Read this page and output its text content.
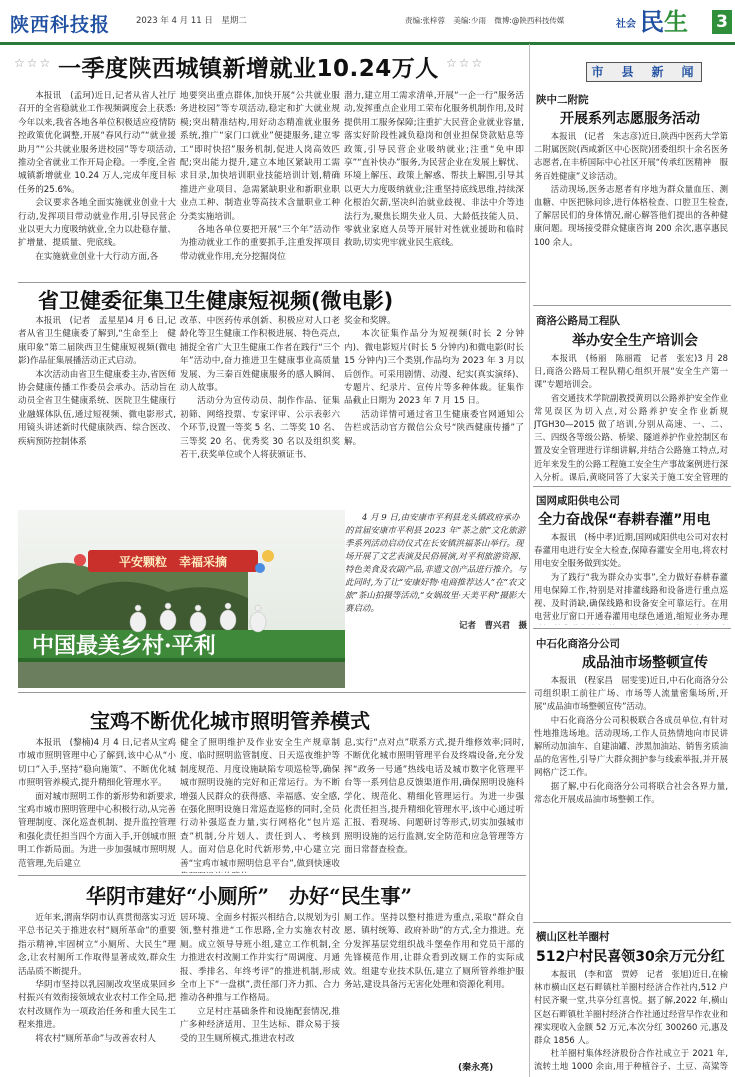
陕西科技报	2023 年 4 月 11 日　星期二	责编:张梓蓉 美编:少雨 微博:@陕西科技传媒	社会 民 生 3
☆☆☆ 一季度陕西城镇新增就业10.24万人 ☆☆☆

本报讯　(孟珂)近日,记者从省人社厅召开的全省稳就业工作视频调度会上获悉:今年以来,我省各地各单位积极适应疫情防控政策优化调整,开展“春风行动”“就业援助月”“公共就业服务进校园”等专项活动,推动全省就业工作开局企稳。一季度,全省城镇新增就业 10.24 万人,完成年度目标任务的25.6%。

会议要求各地全面实施就业创业十大行动,发挥项目带动就业作用,引导民营企业以更大力度吸纳就业,全力以赴稳存量、扩增量、提质量、兜底线。

在实施就业创业十大行动方面,各

地要突出重点群体,加快开展“公共就业服务进校园”等专项活动,稳定和扩大就业规模;突出精准结构,用好动态精准就业服务系统,推广“家门口就业”便捷服务,建立零工“即时快招”服务机制,促进人岗高效匹配;突出能力提升,建立本地区紧缺用工需求目录,加快培训职业技能培训计划,精确推进产业项目、急需紧缺职业和新职业职业点工种、制造业等高技术含量职业工种分类实施培训。

各地各单位要把开展“三个年”活动作为推动就业工作的重要抓手,注重发挥项目带动就业作用,充分挖掘岗位

潜力,建立用工需求清单,开展“一企一行”服务活动,发挥重点企业用工荣布化服务机制作用,及时提供用工服务保障;注重扩大民营企业就业容量,落实好阶段性减负稳岗和创业担保贷款贴息等政策,引导民营企业吸纳就业;注重“免申即享”“直补快办”服务,为民营企业在发展上解忧、环境上解压、政策上解惑、帮扶上解围,引导其以更大力度吸纳就业;注重坚持底线思维,持续深化根治欠薪,坚决纠治就业歧视、非法中介等违法行为,聚焦长期失业人员、大龄低技能人员、零就业家庭人员等开展针对性就业援助和临时救助,切实兜牢就业民生底线。

省卫健委征集卫生健康短视频(微电影)

本报讯　(记者　孟星星)4 月 6 日,记者从省卫生健康委了解到,“生命至上　健康印象”第二届陕西卫生健康短视频(微电影)作品征集展播活动正式启动。

本次活动由省卫生健康委主办,省医师协会健康传播工作委员会承办。活动旨在动员全省卫生健康系统、医院卫生健康行业融媒体队伍,通过短视频、微电影形式,用镜头讲述新时代健康陕西、综合医改、疾病预防控制体系

改革、中医药传承创新、积极应对人口老龄化等卫生健康工作积极进展、特色亮点,捕捉全省广大卫生健康工作者在践行“三个年”活动中,奋力推进卫生健康事业高质量发展、为三秦百姓健康服务的感人瞬间、动人故事。

活动分为宣传动员、制作作品、征集初筛、网络投票、专家评审、公示表彰六个环节,设置一等奖 5 名、二等奖 10 名、三等奖 20 名、优秀奖 30 名以及组织奖若干,获奖单位或个人将获颁证书、

奖金和奖牌。

本次征集作品分为短视频(时长 2 分钟内)、微电影短片(时长 5 分钟内)和微电影(时长 15 分钟内)三个类别,作品均为 2023 年 3 月以后创作。可采用剧情、动漫、纪实(真实演绎)、专题片、纪录片、宣传片等多种体裁。征集作品截止日期为 2023 年 7 月 15 日。

活动详情可通过省卫生健康委官网通知公告栏或活动官方微信公众号“陕西健康传播”了解。

平安颗粒　幸福采摘
中国最美乡村·平利

4 月 9 日,由安康市平利县龙头镇政府承办的首届安康市平利县 2023 年“茶之旅”文化旅游季系列活动启动仪式在长安镇洪福茶山举行。现场开展了文艺表演及民俗展演,对平利旅游资源、特色美食及农副产品,非遗文创产品进行推介。与此同时,为了让“安康好物·电商推荐达人”在“农文旅”茶山拍摄等活动,“女娲故里·天美平利”摄影大赛启动。

记者　曹兴君　摄
宝鸡不断优化城市照明管养模式

本报讯　(黎楠)4 月 4 日,记者从宝鸡市城市照明管理中心了解到,该中心从“小切口”入手,坚持“稳向施策”、不断优化城市照明管养模式,提升精细化管理水平。

面对城市照明工作的新形势和新要求,宝鸡市城市照明管理中心积极行动,从完善管理制度、深化巡查机制、提升监控管理和强化责任担当四个方面入手,开创城市照明工作新局面。为进一步加强城市照明规范管理,先后建立

健全了照明维护及作业安全生产规章制度、临时照明监管制度、日天巡夜维护等制度规范、月度设施缺陷专项巡检等,确保城市照明设施的完好和正常运行。为不断增强人民群众的获得感、幸福感、安全感,在强化照明设施日常巡查巡修的同时,全员行动补强巡查力量,实行网格化“包片巡查”机制,分片划人、责任到人、考核到人。面对信息化时代新形势,中心建立完善“宝鸡市城市照明信息平台”,做到快速收

息,实行“点对点”联系方式,提升维修效率;同时,不断优化城市照明管理平台及终端设备,充分发挥“政务一号通”热线电话及城市数字化管理平台等一系列信息反馈渠道作用,确保照明设施科学化、规范化、精细化管理运行。为进一步强化责任担当,提升精细化管理水平,该中心通过听汇报、看现场、问题研讨等形式,切实加强城市照明设施的运行监测,安全防范和应急管理等方面日常督查检查。

华阴市建好“小厕所”　办好“民生事”

近年来,渭南华阴市认真贯彻落实习近平总书记关于推进农村“厕所革命”的重要指示精神,牢固树立“小厕所、大民生”理念,让农村厕所工作取得显著成效,群众生活品质不断提升。

华阴市坚持以乳园厕改攻坚成果回乡村振兴有效衔接领域农业农村工作全局,把农村改厕作为一项政治任务和重大民生工程来推进。

将农村“厕所革命”与改善农村人

居环境、全面乡村振兴相结合,以规划为引领,整村推进“工作思路,全力实施农村改厕。成立领导导班小组,建立工作机制,全力推进农村改厕工作并实行“周调度、月通报、季排名、年终考评”的推进机制,形成全市上下“一盘棋”,责任部门齐力抓、合力推动各种推与工作格局。

立足村庄基础条件和设施配套情况,推广多种经济适用、卫生达标、群众易于接受的卫生厕所模式,推进农村改

厕工作。坚持以整村推进为重点,采取“群众自愿、镇村统筹、政府补助”的方式,全力推进。充分发挥基层党组织战斗堡垒作用和党员干部的先锋模范作用,让群众看到改厕工作的实际成效。组建专业技术队伍,建立了厕所管养维护服务站,建设具备污无害化处理和资源化利用。

(秦永亮)
市　县　新　闻
陕中二附院
开展系列志愿服务活动

本报讯　(记者　朱志彦)近日,陕西中医药大学第二附属医院(西咸新区中心医院)团委组织十余名医务志愿者,在丰桥国际中心社区开展“传承红医精神　服务百姓健康”义诊活动。

活动现场,医务志愿者有序地为群众量血压、测血糖、中医把脉问诊,进行体格检查、口腔卫生检查,了解居民们的身体情况,耐心解答他们提出的各种健康问题。现场接受群众健康咨询 200 余次,惠享惠民 100 余人。

商洛公路局工程队
举办安全生产培训会

本报讯　(杨丽　陈丽霞　记者　张宏)3 月 28 日,商洛公路局工程队精心组织开展“安全生产第一课”专题培训会。

省交通技术学院副教授黄玥以公路养护安全作业常见误区为切入点,对公路养护安全作业新规 JTGH30—2015 做了培训,分别从高速、一、二、三、四级各等级公路、桥梁、隧道养护作业控制区布置及安全管理进行详细讲解,并结合公路施工特点,对近年来发生的公路工程施工安全生产事故案例进行深入分析。课后,黄晓同答了大家关于施工安全管理的

国网咸阳供电公司
全力奋战保“春耕春灌”用电

本报讯　(杨中孝)近期,国网咸阳供电公司对农村春灌用电进行安全大检查,保障春灌安全用电,将农村用电安全服务做到实处。

为了践行“我为群众办实事”,全力做好春耕春灌用电保障工作,特别是对排灌线路和设备进行重点巡视、及时消缺,确保线路和设备安全可靠运行。在用电营业厅窗口开通春灌用电绿色通道,缩短业务办理

中石化商洛分公司
成品油市场整顿宣传

本报讯　(程家昌　屈雯雯)近日,中石化商洛分公司组织职工前往广场、市场等人流量密集场所,开展“成品油市场整顿宣传”活动。

中石化商洛分公司积极联合各成员单位,有针对性地推选场地。活动现场,工作人员热情地向市民讲解所动加油车、自建油罐、涉黑加油站、销售劣质油品的危害性,引导广大群众拥护参与线索举报,并开展网格广泛工作。

据了解,中石化商洛分公司将联合社会各界力量,常态化开展成品油市场整顿工作。

横山区杜羊圈村
512户村民喜领30余万元分红

本报讯　(李和富　贾婷　记者　张旭)近日,在榆林市横山区赵石畔镇杜羊圈村经济合作社内,512 户村民齐聚一堂,共享分红喜悦。据了解,2022 年,横山区赵石畔镇杜羊圈村经济合作社通过经营早作农业和裸实现收入金额 52 万元,本次分红 300260 元,惠及群众 1856 人。

杜羊圈村集体经济股份合作社成立于 2021 年,流转土地 1000 余亩,用于种植谷子、土豆、高粱等
